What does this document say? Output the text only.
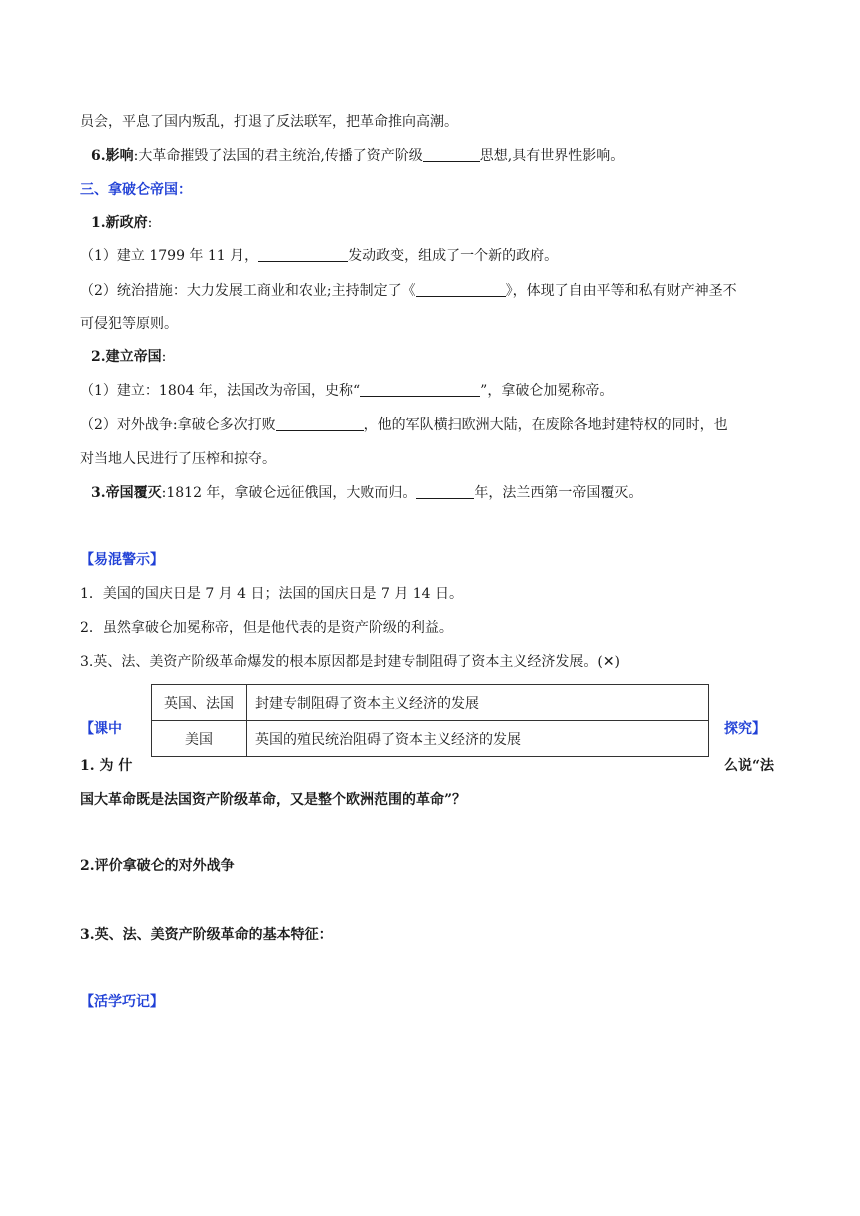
员会，平息了国内叛乱，打退了反法联军，把革命推向高潮。
6.影响:大革命摧毁了法国的君主统治,传播了资产阶级	思想,具有世界性影响。
三、拿破仑帝国：
1.新政府:
（1）建立 1799 年 11 月，	发动政变，组成了一个新的政府。
（2）统治措施：大力发展工商业和农业;主持制定了《	》，体现了自由平等和私有财产神圣不
可侵犯等原则。
2.建立帝国:
（1）建立：1804 年，法国改为帝国，史称“	”，拿破仑加冕称帝。
（2）对外战争:拿破仑多次打败	，他的军队横扫欧洲大陆，在废除各地封建特权的同时，也
对当地人民进行了压榨和掠夺。
3.帝国覆灭:1812 年，拿破仑远征俄国，大败而归。	年，法兰西第一帝国覆灭。
【易混警示】
1．美国的国庆日是 7 月 4 日；法国的国庆日是 7 月 14 日。
2．虽然拿破仑加冕称帝，但是他代表的是资产阶级的利益。
3.英、法、美资产阶级革命爆发的根本原因都是封建专制阻碍了资本主义经济发展。(✕)
英国、法国	封建专制阻碍了资本主义经济的发展
美国	英国的殖民统治阻碍了资本主义经济的发展
【课中	探究】
1. 为 什	么说“法
国大革命既是法国资产阶级革命，又是整个欧洲范围的革命”？
2.评价拿破仑的对外战争
3.英、法、美资产阶级革命的基本特征：
【活学巧记】
